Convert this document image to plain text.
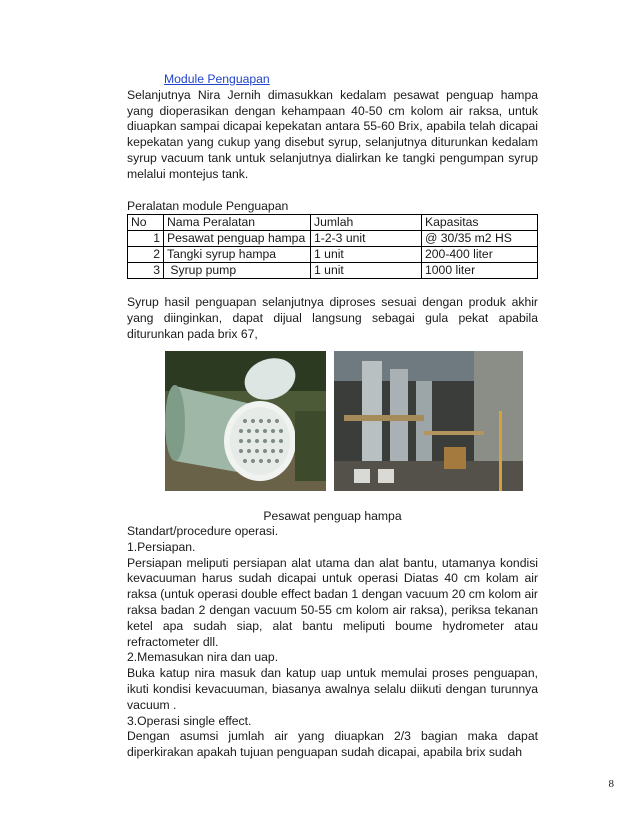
Module Penguapan

Selanjutnya Nira Jernih dimasukkan kedalam pesawat penguap hampa yang dioperasikan dengan kehampaan 40-50 cm kolom air raksa, untuk diuapkan sampai dicapai kepekatan antara 55-60 Brix, apabila telah dicapai kepekatan yang cukup yang disebut syrup, selanjutnya diturunkan kedalam syrup vacuum tank untuk selanjutnya dialirkan ke tangki pengumpan syrup melalui montejus tank.

Peralatan module Penguapan

No	Nama Peralatan	Jumlah	Kapasitas
1	Pesawat penguap hampa	1-2-3 unit	@ 30/35 m2 HS
2	Tangki syrup hampa	1 unit	200-400 liter
3	Syrup pump	1 unit	1000 liter

Syrup hasil penguapan selanjutnya diproses sesuai dengan produk akhir yang diinginkan, dapat dijual langsung sebagai gula pekat apabila diturunkan pada brix 67,

Pesawat penguap hampa

Standart/procedure operasi.

1.Persiapan.

Persiapan meliputi persiapan alat utama dan alat bantu, utamanya kondisi kevacuuman harus sudah dicapai untuk operasi Diatas 40 cm kolam air raksa (untuk operasi double effect badan 1 dengan vacuum 20 cm kolom air raksa badan 2 dengan vacuum 50-55 cm kolom air raksa), periksa tekanan ketel apa sudah siap, alat bantu meliputi boume hydrometer atau refractometer dll.

2.Memasukan nira dan uap.

Buka katup nira masuk dan katup uap untuk memulai proses penguapan, ikuti kondisi kevacuuman, biasanya awalnya selalu diikuti dengan turunnya vacuum .

3.Operasi single effect.

Dengan asumsi jumlah air yang diuapkan 2/3 bagian maka dapat diperkirakan apakah tujuan penguapan sudah dicapai, apabila brix sudah

8
